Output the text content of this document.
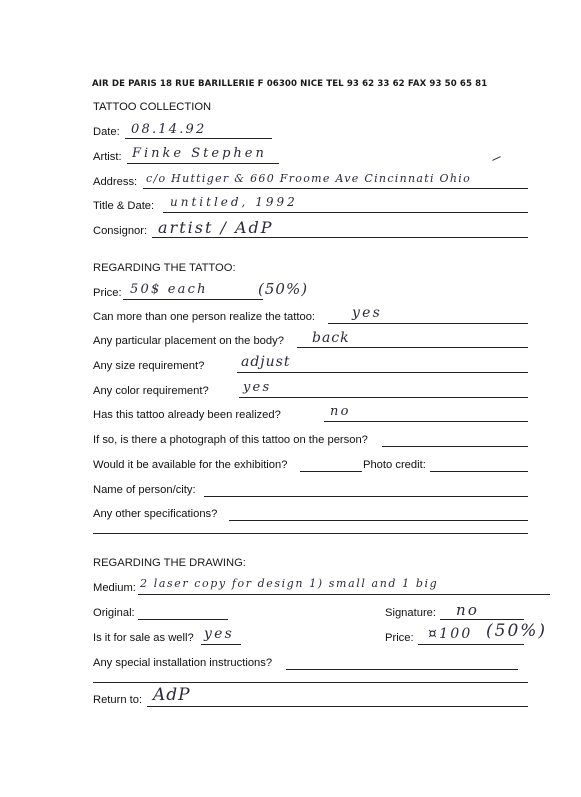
AIR DE PARIS 18 RUE BARILLERIE F 06300 NICE TEL 93 62 33 62 FAX 93 50 65 81
TATTOO COLLECTION
Date: 08.14.92
Artist: Finke Stephen
Address: c/o Huttiger & 660 Froome Ave Cincinnati Ohio
Title & Date: untitled, 1992
Consignor: artist / AdP
REGARDING THE TATTOO:
Price: 50$ each	(50%)
Can more than one person realize the tattoo:	yes
Any particular placement on the body? back
Any size requirement?	adjust
Any color requirement?	yes
Has this tattoo already been realized?	no
If so, is there a photograph of this tattoo on the person?
Would it be available for the exhibition?	Photo credit:
Name of person/city:
Any other specifications?
REGARDING THE DRAWING:
Medium: 2 laser copy for design 1) small and 1 big
Original:	Signature: no
Is it for sale as well? yes	Price: ¤100 (50%)
Any special installation instructions?
Return to: AdP
